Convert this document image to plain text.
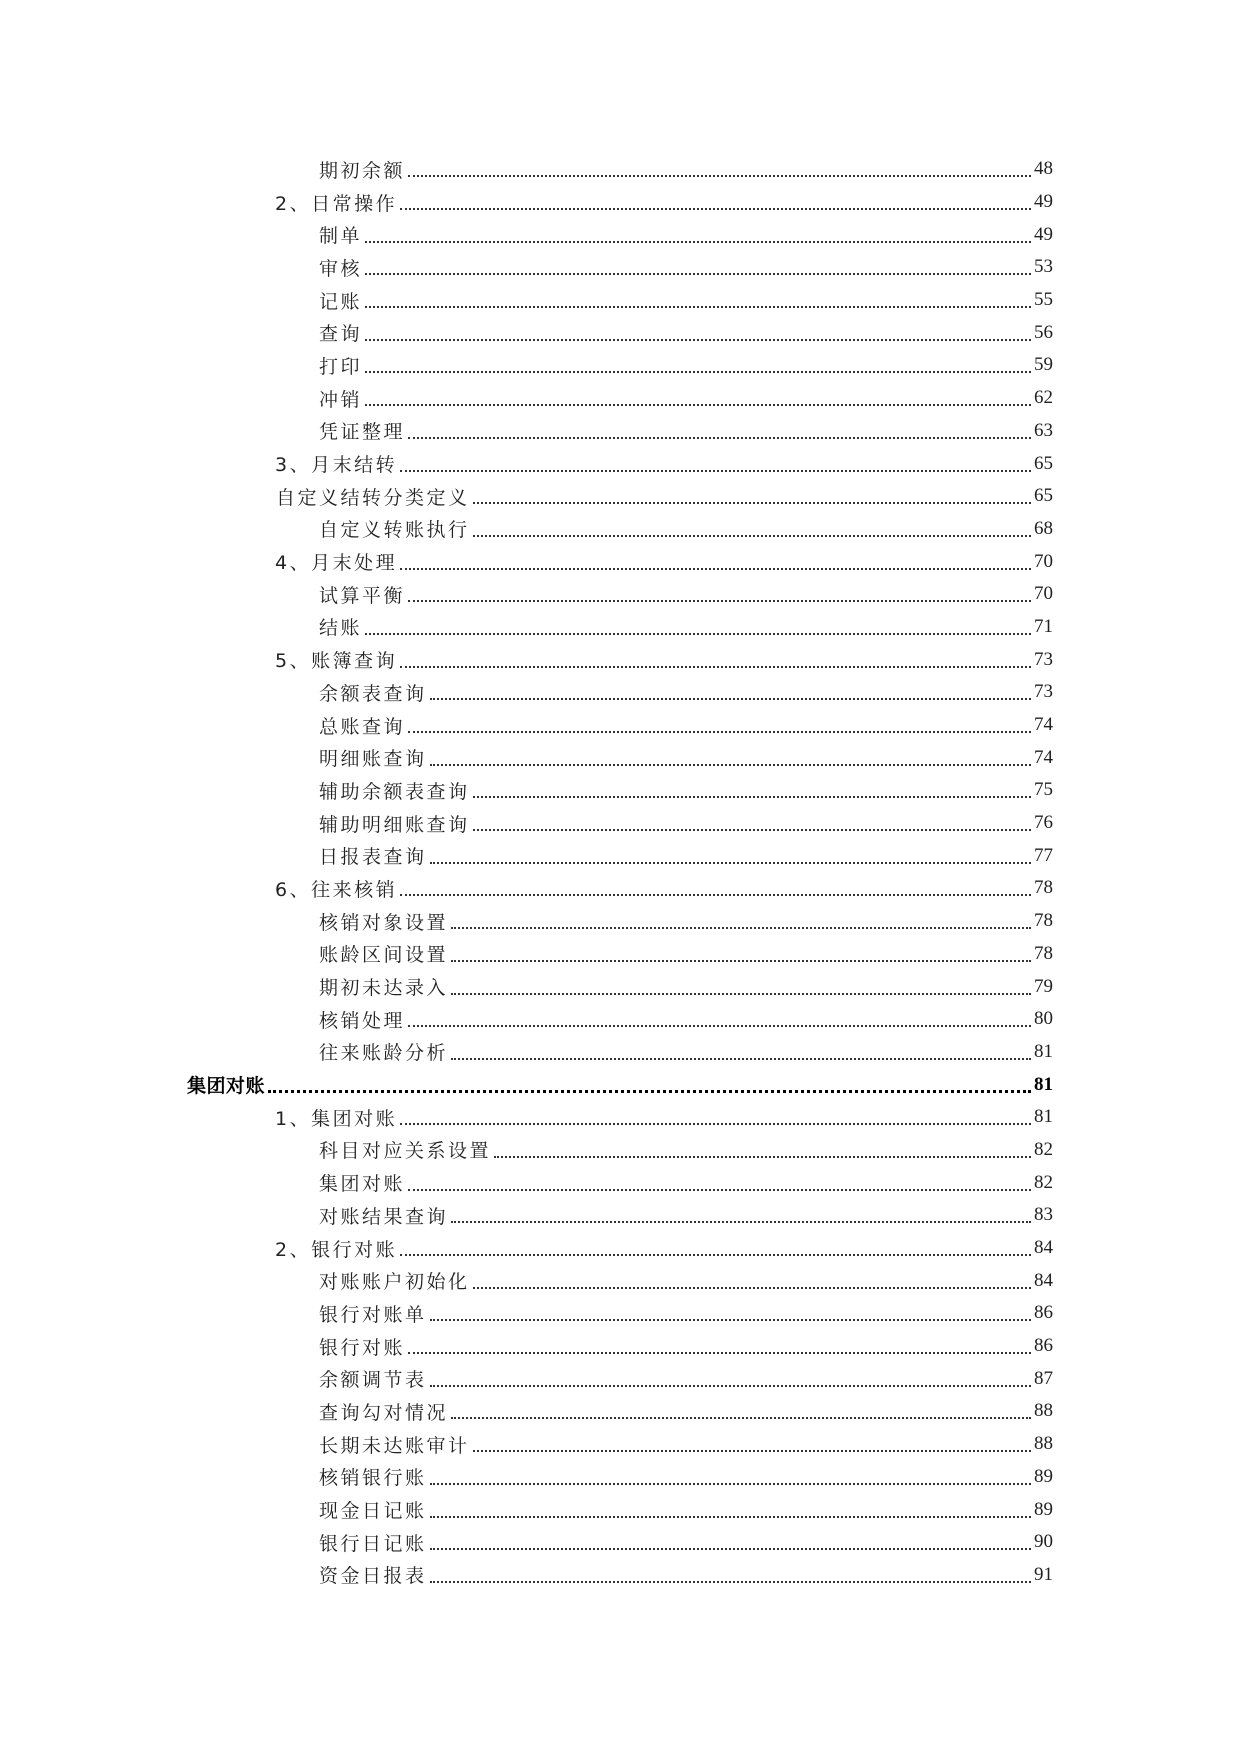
期初余额	48
2、日常操作	49
制单	49
审核	53
记账	55
查询	56
打印	59
冲销	62
凭证整理	63
3、月末结转	65
自定义结转分类定义	65
自定义转账执行	68
4、月末处理	70
试算平衡	70
结账	71
5、账簿查询	73
余额表查询	73
总账查询	74
明细账查询	74
辅助余额表查询	75
辅助明细账查询	76
日报表查询	77
6、往来核销	78
核销对象设置	78
账龄区间设置	78
期初未达录入	79
核销处理	80
往来账龄分析	81
集团对账	81
1、集团对账	81
科目对应关系设置	82
集团对账	82
对账结果查询	83
2、银行对账	84
对账账户初始化	84
银行对账单	86
银行对账	86
余额调节表	87
查询勾对情况	88
长期未达账审计	88
核销银行账	89
现金日记账	89
银行日记账	90
资金日报表	91
